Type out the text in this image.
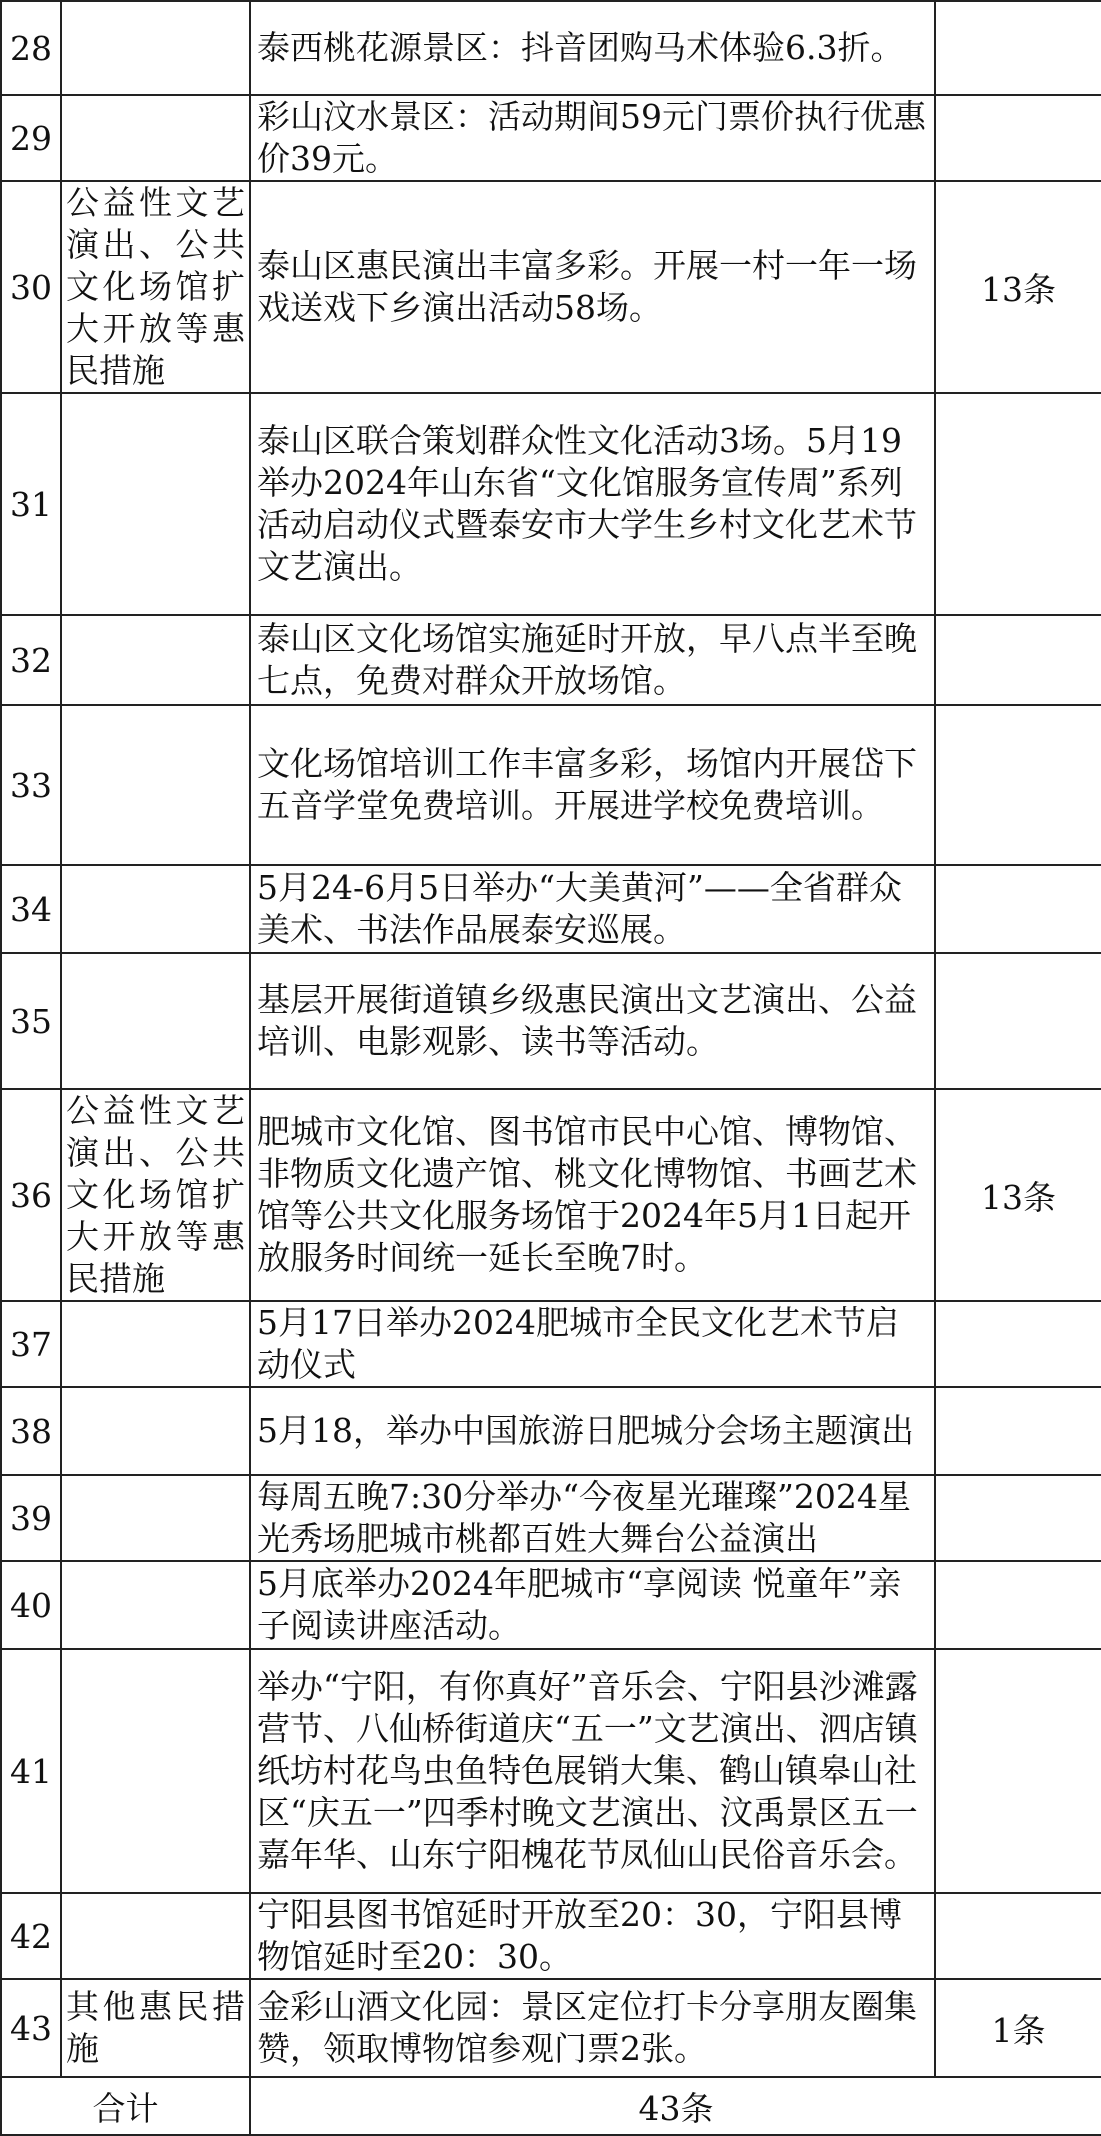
28		泰西桃花源景区：抖音团购马术体验6.3折。	
29		彩山汶水景区：活动期间59元门票价执行优惠价39元。	
30	公益性文艺演出、公共文化场馆扩大开放等惠民措施	泰山区惠民演出丰富多彩。开展一村一年一场戏送戏下乡演出活动58场。	13条
31		泰山区联合策划群众性文化活动3场。5月19举办2024年山东省“文化馆服务宣传周”系列活动启动仪式暨泰安市大学生乡村文化艺术节文艺演出。	
32		泰山区文化场馆实施延时开放，早八点半至晚七点，免费对群众开放场馆。	
33		文化场馆培训工作丰富多彩，场馆内开展岱下五音学堂免费培训。开展进学校免费培训。	
34		5月24-6月5日举办“大美黄河”——全省群众美术、书法作品展泰安巡展。	
35		基层开展街道镇乡级惠民演出文艺演出、公益培训、电影观影、读书等活动。	
36	公益性文艺演出、公共文化场馆扩大开放等惠民措施	肥城市文化馆、图书馆市民中心馆、博物馆、非物质文化遗产馆、桃文化博物馆、书画艺术馆等公共文化服务场馆于2024年5月1日起开放服务时间统一延长至晚7时。	13条
37		5月17日举办2024肥城市全民文化艺术节启动仪式	
38		5月18，举办中国旅游日肥城分会场主题演出	
39		每周五晚7:30分举办“今夜星光璀璨”2024星光秀场肥城市桃都百姓大舞台公益演出	
40		5月底举办2024年肥城市“享阅读 悦童年”亲子阅读讲座活动。	
41		举办“宁阳，有你真好”音乐会、宁阳县沙滩露营节、八仙桥街道庆“五一”文艺演出、泗店镇纸坊村花鸟虫鱼特色展销大集、鹤山镇皋山社区“庆五一”四季村晚文艺演出、汶禹景区五一嘉年华、山东宁阳槐花节凤仙山民俗音乐会。	
42		宁阳县图书馆延时开放至20：30，宁阳县博物馆延时至20：30。	
43	其他惠民措施	金彩山酒文化园：景区定位打卡分享朋友圈集赞，领取博物馆参观门票2张。	1条
合计		43条	
